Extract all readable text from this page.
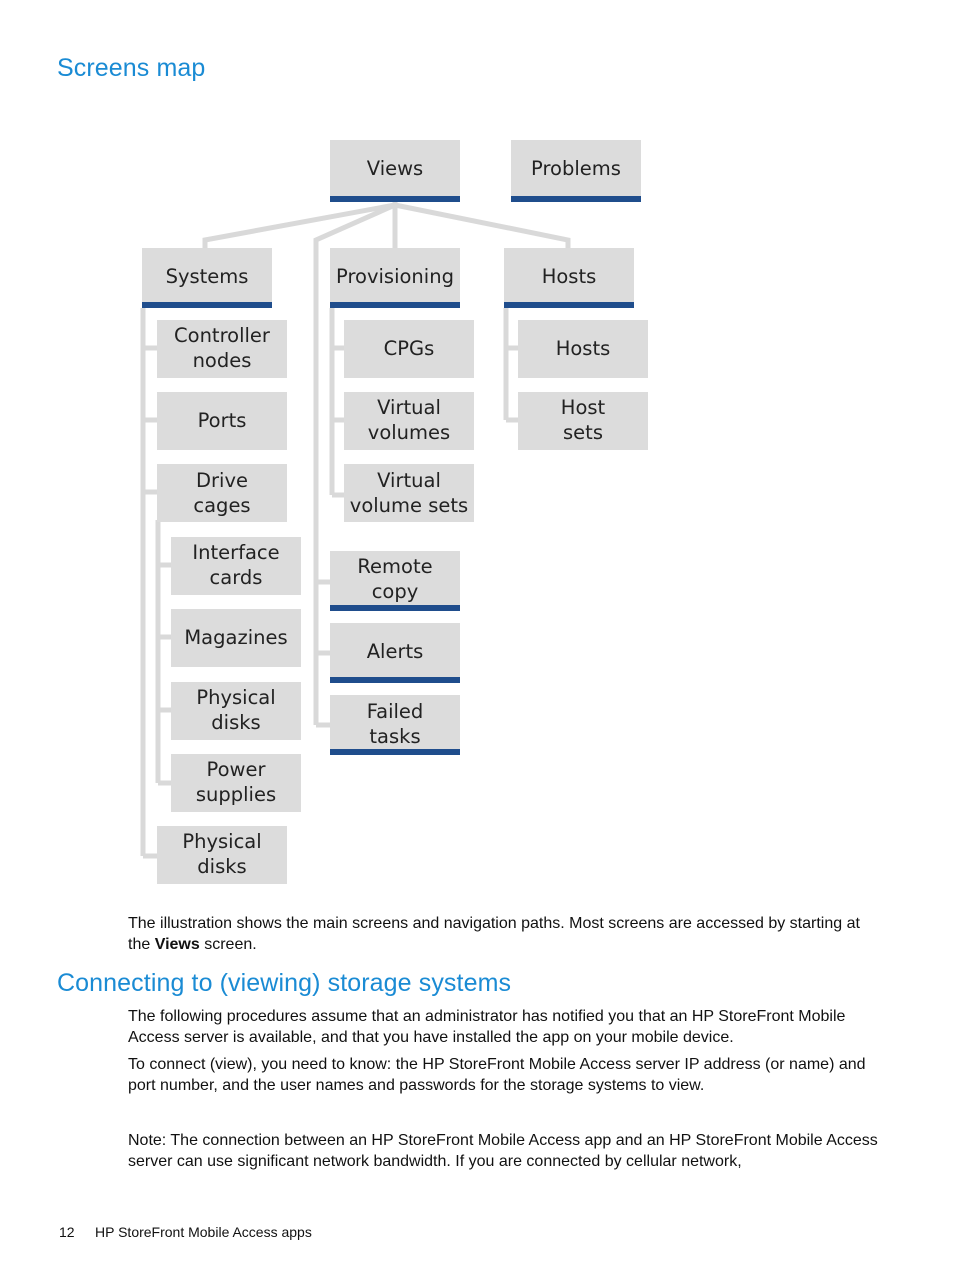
Screens map
Views	Problems
Systems	Provisioning	Hosts
Controller
nodes
Ports
Drive
cages
Interface
cards
Magazines
Physical
disks
Power
supplies
Physical
disks
CPGs
Virtual
volumes
Virtual
volume sets
Remote
copy
Alerts
Failed
tasks
Hosts
Host
sets

The illustration shows the main screens and navigation paths. Most screens are accessed by starting at the Views screen.

Connecting to (viewing) storage systems

The following procedures assume that an administrator has notified you that an HP StoreFront Mobile Access server is available, and that you have installed the app on your mobile device.

To connect (view), you need to know: the HP StoreFront Mobile Access server IP address (or name) and port number, and the user names and passwords for the storage systems to view.

Note: The connection between an HP StoreFront Mobile Access app and an HP StoreFront Mobile Access server can use significant network bandwidth. If you are connected by cellular network,

12 HP StoreFront Mobile Access apps
